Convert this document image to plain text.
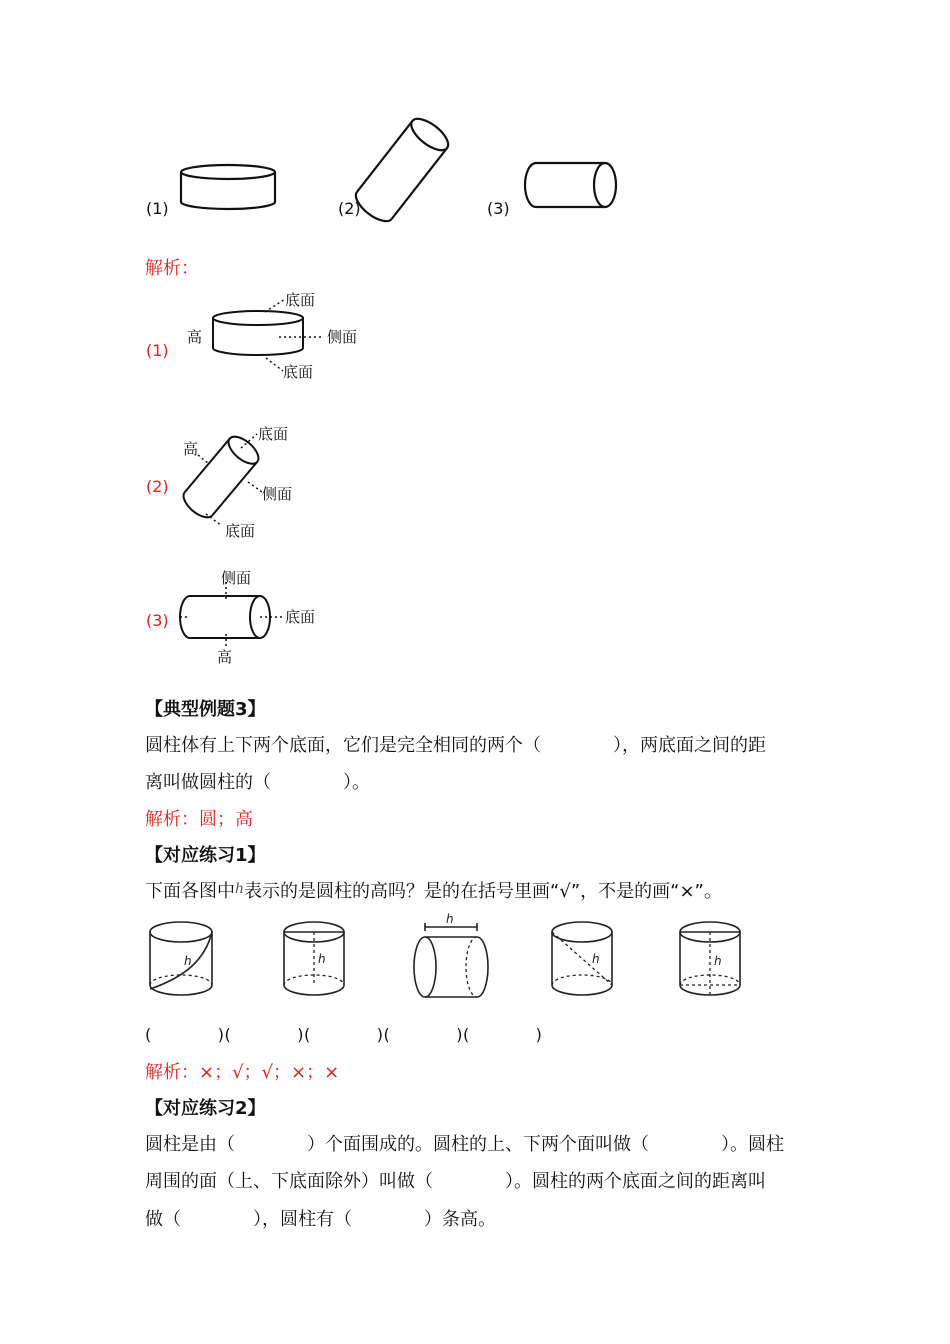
(1)	(2)	(3)
解析：
(1)
底面
高	侧面
底面
(2)
高
底面
侧面
底面
(3)
侧面
底面
高
【典型例题3】
圆柱体有上下两个底面，它们是完全相同的两个（　　　　），两底面之间的距
离叫做圆柱的（　　　　）。
解析：圆；高
【对应练习1】
下面各图中$^h$表示的是圆柱的高吗？是的在括号里画“√”，不是的画“×”。
h	h
h
h	h
(　　　　)(　　　　)(　　　　)(　　　　)(　　　　)
解析：×；√；√；×；×
【对应练习2】
圆柱是由（　　　　）个面围成的。圆柱的上、下两个面叫做（　　　　）。圆柱
周围的面（上、下底面除外）叫做（　　　　）。圆柱的两个底面之间的距离叫
做（　　　　），圆柱有（　　　　）条高。
